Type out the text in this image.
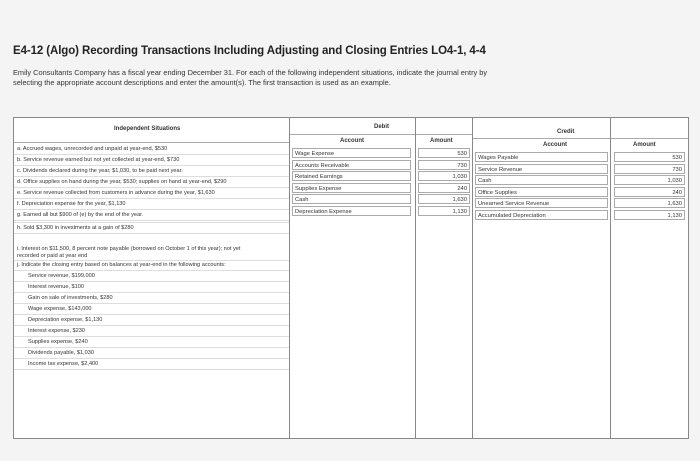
E4-12 (Algo) Recording Transactions Including Adjusting and Closing Entries LO4-1, 4-4
Emily Consultants Company has a fiscal year ending December 31. For each of the following independent situations, indicate the journal entry by selecting the appropriate account descriptions and enter the amount(s). The first transaction is used as an example.
Independent Situations
a. Accrued wages, unrecorded and unpaid at year-end, $530
b. Service revenue earned but not yet collected at year-end, $730
c. Dividends declared during the year, $1,030, to be paid next year.
d. Office supplies on hand during the year, $530; supplies on hand at year-end, $290
e. Service revenue collected from customers in advance during the year, $1,630
f. Depreciation expense for the year, $1,130
g. Earned all but $900 of (e) by the end of the year.
h. Sold $3,300 in investments at a gain of $280
i. Interest on $11,500, 8 percent note payable (borrowed on October 1 of this year); not yet
recorded or paid at year end
j. Indicate the closing entry based on balances at year-end in the following accounts:
Service revenue, $199,000
Interest revenue, $100
Gain on sale of investments, $280
Wage expense, $143,000
Depreciation expense, $1,130
Interest expense, $230
Supplies expense, $240
Dividends payable, $1,030
Income tax expense, $2,400
Debit
Account
Wage Expense
Accounts Receivable
Retained Earnings
Supplies Expense
Cash
Depreciation Expense
Amount
530
730
1,030
240
1,630
1,130
Credit
Account
Wages Payable
Service Revenue
Cash
Office Supplies
Unearned Service Revenue
Accumulated Depreciation
Amount
530
730
1,030
240
1,630
1,130
